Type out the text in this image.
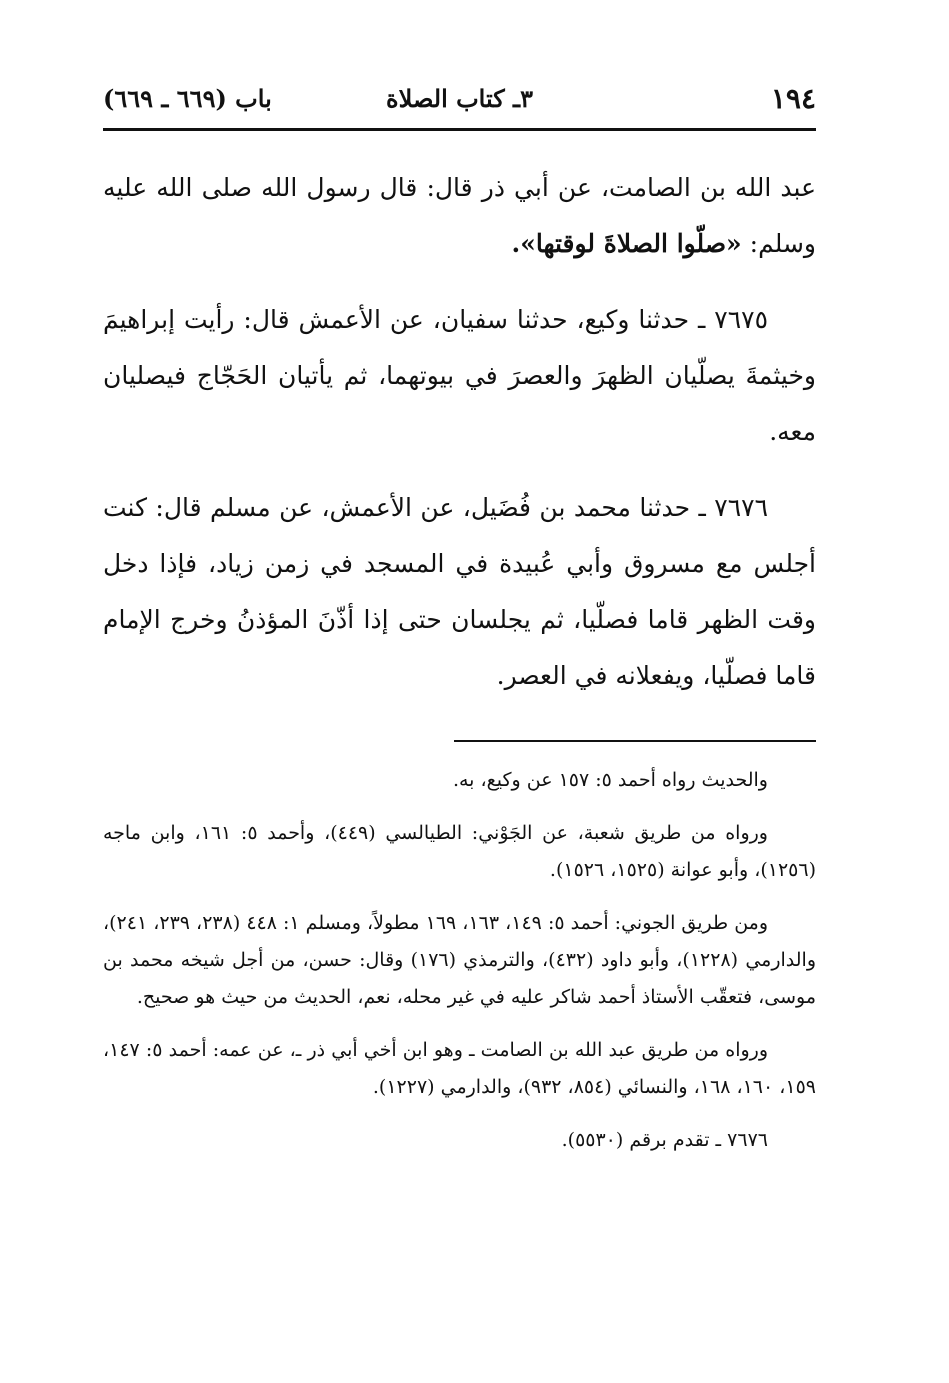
١٩٤
٣ـ كتاب الصلاة
باب (٦٦٩ ـ ٦٦٩)

عبد الله بن الصامت، عن أبي ذر قال: قال رسول الله صلى الله عليه وسلم: «صلّوا الصلاةَ لوقتها».

٧٦٧٥ ـ حدثنا وكيع، حدثنا سفيان، عن الأعمش قال: رأيت إبراهيمَ وخيثمةَ يصلّيان الظهرَ والعصرَ في بيوتهما، ثم يأتيان الحَجّاج فيصليان معه.

٧٦٧٦ ـ حدثنا محمد بن فُضَيل، عن الأعمش، عن مسلم قال: كنت أجلس مع مسروق وأبي عُبيدة في المسجد في زمن زياد، فإذا دخل وقت الظهر قاما فصلّيا، ثم يجلسان حتى إذا أذّنَ المؤذنُ وخرج الإمام قاما فصلّيا، ويفعلانه في العصر.

والحديث رواه أحمد ٥: ١٥٧ عن وكيع، به.

ورواه من طريق شعبة، عن الجَوْني: الطيالسي (٤٤٩)، وأحمد ٥: ١٦١، وابن ماجه (١٢٥٦)، وأبو عوانة (١٥٢٥، ١٥٢٦).

ومن طريق الجوني: أحمد ٥: ١٤٩، ١٦٣، ١٦٩ مطولاً، ومسلم ١: ٤٤٨ (٢٣٨، ٢٣٩، ٢٤١)، والدارمي (١٢٢٨)، وأبو داود (٤٣٢)، والترمذي (١٧٦) وقال: حسن، من أجل شيخه محمد بن موسى، فتعقّب الأستاذ أحمد شاكر عليه في غير محله، نعم، الحديث من حيث هو صحيح.

ورواه من طريق عبد الله بن الصامت ـ وهو ابن أخي أبي ذر ـ، عن عمه: أحمد ٥: ١٤٧، ١٥٩، ١٦٠، ١٦٨، والنسائي (٨٥٤، ٩٣٢)، والدارمي (١٢٢٧).

٧٦٧٦ ـ تقدم برقم (٥٥٣٠).
